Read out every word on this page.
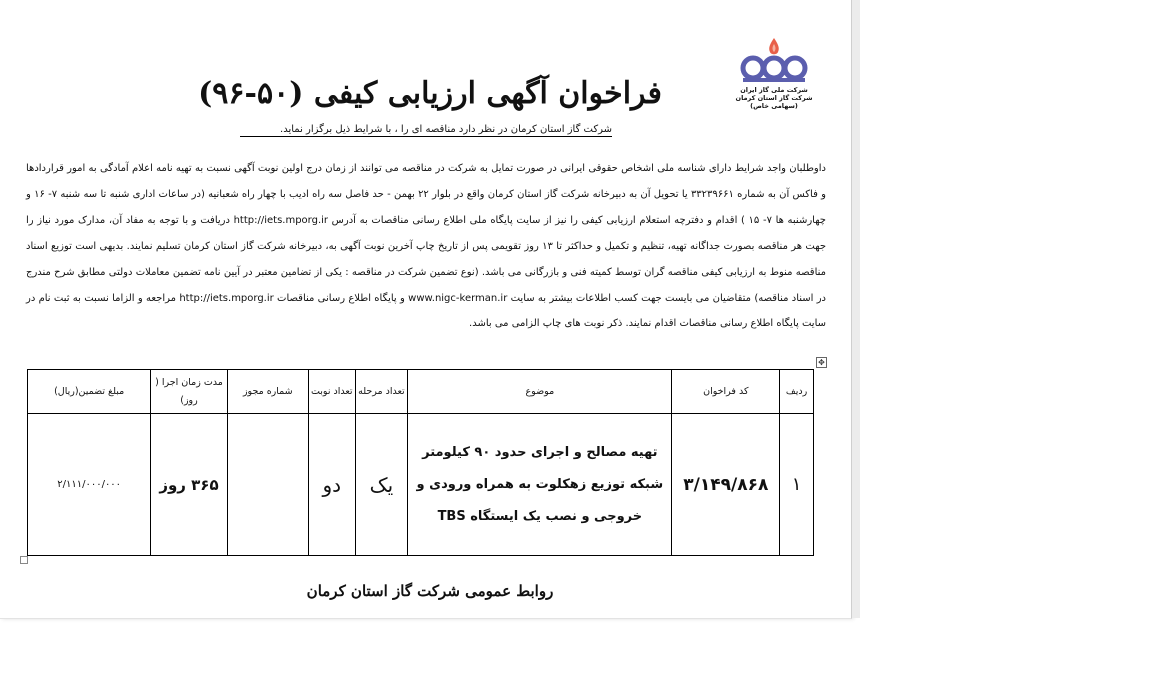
شرکت ملی گاز ایران
شرکت گاز استان کرمان
(سهامی خاص)
فراخوان آگهی ارزیابی کیفی (۵۰-۹۶)
شرکت گاز استان کرمان در نظر دارد مناقصه ای را ، با شرایط ذیل برگزار نماید.
داوطلبان واجد شرایط دارای شناسه ملی اشخاص حقوقی ایرانی در صورت تمایل به شرکت در مناقصه می توانند از زمان درج اولین نوبت آگهی نسبت به تهیه نامه اعلام آمادگی به امور قراردادها و فاکس آن به شماره ۳۳۲۳۹۶۶۱ یا تحویل آن به دبیرخانه شرکت گاز استان کرمان واقع در بلوار ۲۲ بهمن - حد فاصل سه راه ادیب با چهار راه شعبانیه (در ساعات اداری شنبه تا سه شنبه ۷- ۱۶ و چهارشنبه ها ۷- ۱۵ ) اقدام و دفترچه استعلام ارزیابی کیفی را نیز از سایت پایگاه ملی اطلاع رسانی مناقصات به آدرس http://iets.mporg.ir دریافت و با توجه به مفاد آن، مدارک مورد نیاز را جهت هر مناقصه بصورت جداگانه تهیه، تنظیم و تکمیل و حداکثر تا ۱۳ روز تقویمی پس از تاریخ چاپ آخرین نوبت آگهی به، دبیرخانه شرکت گاز استان کرمان تسلیم نمایند. بدیهی است توزیع اسناد مناقصه منوط به ارزیابی کیفی مناقصه گران توسط کمیته فنی و بازرگانی می باشد. (نوع تضمین شرکت در مناقصه : یکی از تضامین معتبر در آیین نامه تضمین معاملات دولتی مطابق شرح مندرج در اسناد مناقصه) متقاضیان می بایست جهت کسب اطلاعات بیشتر به سایت www.nigc-kerman.ir و پایگاه اطلاع رسانی مناقصات http://iets.mporg.ir مراجعه و الزاما نسبت به ثبت نام در سایت پایگاه اطلاع رسانی مناقصات اقدام نمایند. ذکر نوبت های چاپ الزامی می باشد.
✥
ردیف	کد فراخوان	موضوع	تعداد مرحله	تعداد نوبت	شماره مجوز	مدت زمان اجرا ( روز)	مبلغ تضمین(ریال)
۱	۳/۱۴۹/۸۶۸	تهیه مصالح و اجرای حدود ۹۰ کیلومتر شبکه توزیع زهکلوت به همراه ورودی و خروجی و نصب یک ایستگاه TBS	یک	دو		۳۶۵ روز	۲/۱۱۱/۰۰۰/۰۰۰
روابط عمومی شرکت گاز استان کرمان
